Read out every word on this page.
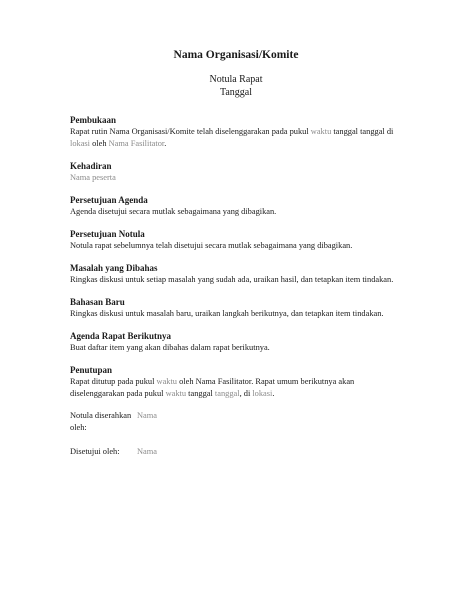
Nama Organisasi/Komite
Notula Rapat
Tanggal

Pembukaan

Rapat rutin Nama Organisasi/Komite telah diselenggarakan pada pukul waktu tanggal tanggal di lokasi oleh Nama Fasilitator.

Kehadiran

Nama peserta

Persetujuan Agenda

Agenda disetujui secara mutlak sebagaimana yang dibagikan.

Persetujuan Notula

Notula rapat sebelumnya telah disetujui secara mutlak sebagaimana yang dibagikan.

Masalah yang Dibahas

Ringkas diskusi untuk setiap masalah yang sudah ada, uraikan hasil, dan tetapkan item tindakan.

Bahasan Baru

Ringkas diskusi untuk masalah baru, uraikan langkah berikutnya, dan tetapkan item tindakan.

Agenda Rapat Berikutnya

Buat daftar item yang akan dibahas dalam rapat berikutnya.

Penutupan

Rapat ditutup pada pukul waktu oleh Nama Fasilitator. Rapat umum berikutnya akan diselenggarakan pada pukul waktu tanggal tanggal, di lokasi.

Notula diserahkan oleh:
Nama
Disetujui oleh:	Nama
